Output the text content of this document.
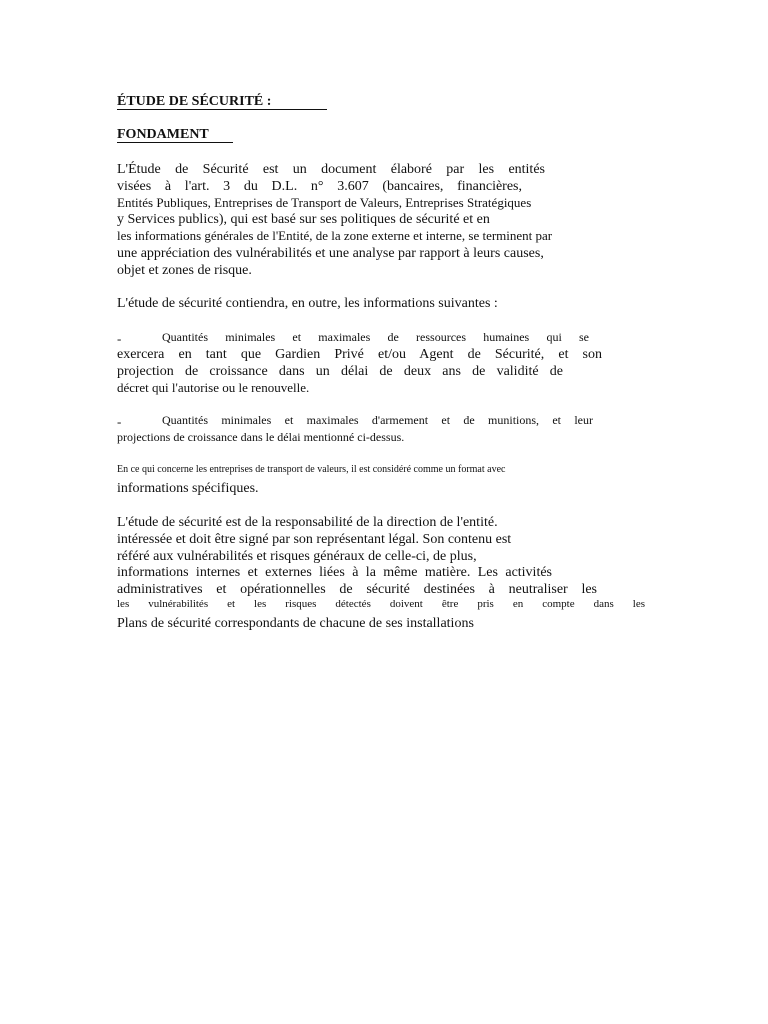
ÉTUDE DE SÉCURITÉ :
FONDAMENT
L'Étude de Sécurité est un document élaboré par les entités
visées à l'art. 3 du D.L. n° 3.607 (bancaires, financières,
Entités Publiques, Entreprises de Transport de Valeurs, Entreprises Stratégiques
y Services publics), qui est basé sur ses politiques de sécurité et en
les informations générales de l'Entité, de la zone externe et interne, se terminent par
une appréciation des vulnérabilités et une analyse par rapport à leurs causes,
objet et zones de risque.
L'étude de sécurité contiendra, en outre, les informations suivantes :
-	Quantités minimales et maximales de ressources humaines qui se
exercera en tant que Gardien Privé et/ou Agent de Sécurité, et son
projection de croissance dans un délai de deux ans de validité de
décret qui l'autorise ou le renouvelle.
-	Quantités minimales et maximales d'armement et de munitions, et leur
projections de croissance dans le délai mentionné ci-dessus.
En ce qui concerne les entreprises de transport de valeurs, il est considéré comme un format avec
informations spécifiques.
L'étude de sécurité est de la responsabilité de la direction de l'entité.
intéressée et doit être signé par son représentant légal. Son contenu est
référé aux vulnérabilités et risques généraux de celle-ci, de plus,
informations internes et externes liées à la même matière. Les activités
administratives et opérationnelles de sécurité destinées à neutraliser les
les vulnérabilités et les risques détectés doivent être pris en compte dans les
Plans de sécurité correspondants de chacune de ses installations
